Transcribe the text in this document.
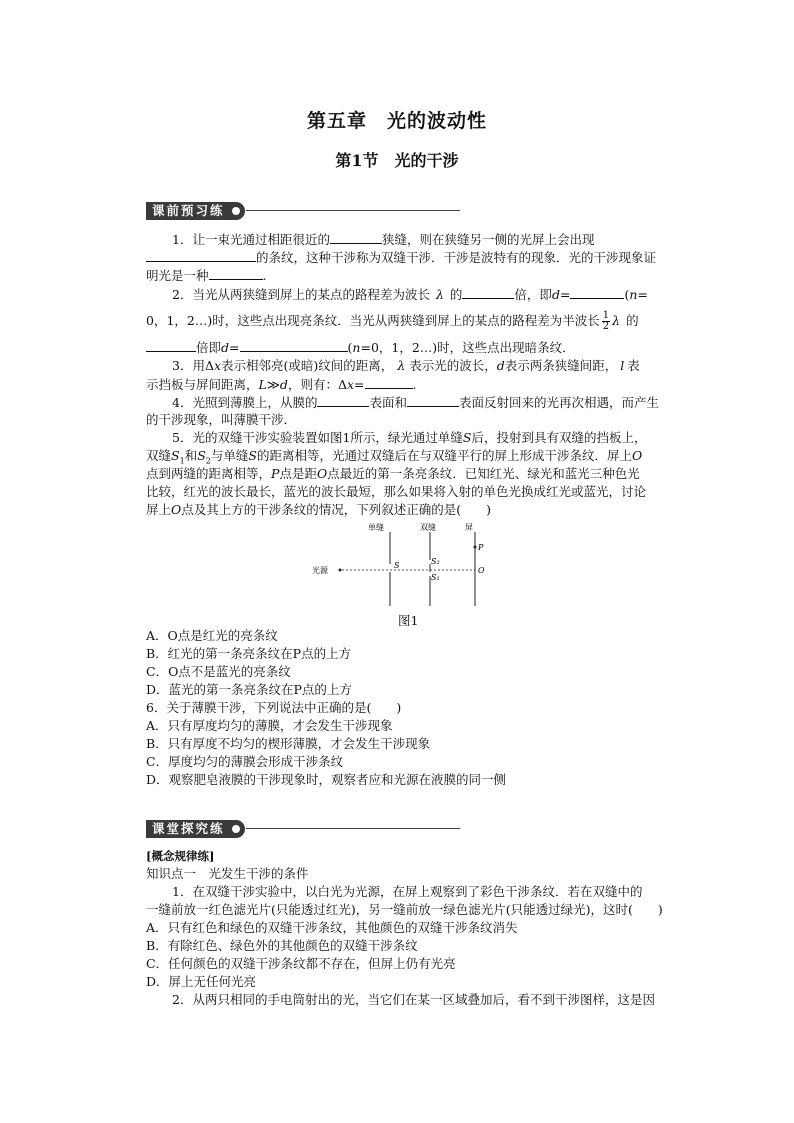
第五章　光的波动性
第1节　光的干涉
课前预习练
1．让一束光通过相距很近的	狭缝，则在狭缝另一侧的光屏上会出现
的条纹，这种干涉称为双缝干涉．干涉是波特有的现象．光的干涉现象证
明光是一种	.
2．当光从两狭缝到屏上的某点的路程差为波长 λ 的	倍，即d=	(n=
0，1，2…)时，这些点出现亮条纹．当光从两狭缝到屏上的某点的路程差为半波长 $\frac{1}{2}$ λ 的
倍即d=	(n=0，1，2…)时，这些点出现暗条纹．
3．用Δx表示相邻亮(或暗)纹间的距离， λ 表示光的波长，d表示两条狭缝间距， l 表
示挡板与屏间距离，L≫d，则有：Δx=	.
4．光照到薄膜上，从膜的	表面和	表面反射回来的光再次相遇，而产生
的干涉现象，叫薄膜干涉．
5．光的双缝干涉实验装置如图1所示，绿光通过单缝S后，投射到具有双缝的挡板上，
双缝$S_1$和$S_2$与单缝S的距离相等，光通过双缝后在与双缝平行的屏上形成干涉条纹．屏上O
点到两缝的距离相等，P点是距O点最近的第一条亮条纹．已知红光、绿光和蓝光三种色光
比较，红光的波长最长，蓝光的波长最短，那么如果将入射的单色光换成红光或蓝光，讨论
屏上O点及其上方的干涉条纹的情况，下列叙述正确的是(　　)
单缝	双缝	屏
光源
S	S₂
S₁
O
P
图1
A．O点是红光的亮条纹
B．红光的第一条亮条纹在P点的上方
C．O点不是蓝光的亮条纹
D．蓝光的第一条亮条纹在P点的上方
6．关于薄膜干涉，下列说法中正确的是(　　)
A．只有厚度均匀的薄膜，才会发生干涉现象
B．只有厚度不均匀的楔形薄膜，才会发生干涉现象
C．厚度均匀的薄膜会形成干涉条纹
D．观察肥皂液膜的干涉现象时，观察者应和光源在液膜的同一侧
课堂探究练
[概念规律练]
知识点一　光发生干涉的条件
1．在双缝干涉实验中，以白光为光源，在屏上观察到了彩色干涉条纹．若在双缝中的
一缝前放一红色滤光片(只能透过红光)，另一缝前放一绿色滤光片(只能透过绿光)，这时(　　)
A．只有红色和绿色的双缝干涉条纹，其他颜色的双缝干涉条纹消失
B．有除红色、绿色外的其他颜色的双缝干涉条纹
C．任何颜色的双缝干涉条纹都不存在，但屏上仍有光亮
D．屏上无任何光亮
2．从两只相同的手电筒射出的光，当它们在某一区域叠加后，看不到干涉图样，这是因
